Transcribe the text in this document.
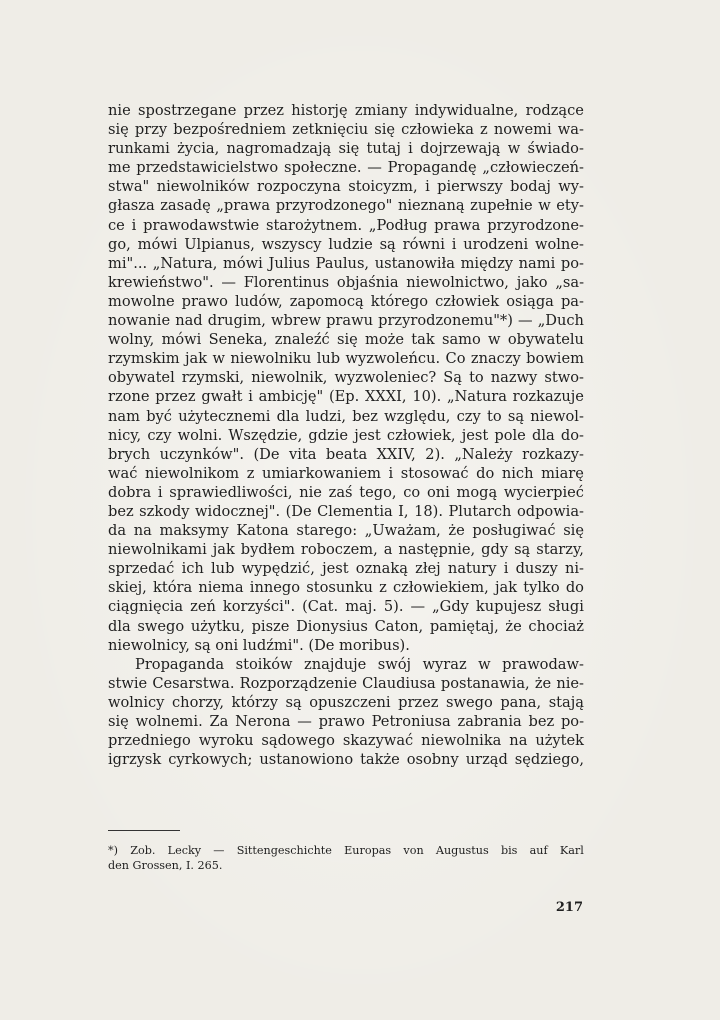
nie spostrzegane przez historję zmiany indywidualne, rodzące
się przy bezpośredniem zetknięciu się człowieka z nowemi wa-
runkami życia, nagromadzają się tutaj i dojrzewają w świado-
me przedstawicielstwo społeczne. — Propagandę „człowieczeń-
stwa" niewolników rozpoczyna stoicyzm, i pierwszy bodaj wy-
głasza zasadę „prawa przyrodzonego" nieznaną zupełnie w ety-
ce i prawodawstwie starożytnem. „Podług prawa przyrodzone-
go, mówi Ulpianus, wszyscy ludzie są równi i urodzeni wolne-
mi"... „Natura, mówi Julius Paulus, ustanowiła między nami po-
krewieństwo". — Florentinus objaśnia niewolnictwo, jako „sa-
mowolne prawo ludów, zapomocą którego człowiek osiąga pa-
nowanie nad drugim, wbrew prawu przyrodzonemu"*) — „Duch
wolny, mówi Seneka, znaleźć się może tak samo w obywatelu
rzymskim jak w niewolniku lub wyzwoleńcu. Co znaczy bowiem
obywatel rzymski, niewolnik, wyzwoleniec? Są to nazwy stwo-
rzone przez gwałt i ambicję" (Ep. XXXI, 10). „Natura rozkazuje
nam być użytecznemi dla ludzi, bez względu, czy to są niewol-
nicy, czy wolni. Wszędzie, gdzie jest człowiek, jest pole dla do-
brych uczynków". (De vita beata XXIV, 2). „Należy rozkazy-
wać niewolnikom z umiarkowaniem i stosować do nich miarę
dobra i sprawiedliwości, nie zaś tego, co oni mogą wycierpieć
bez szkody widocznej". (De Clementia I, 18). Plutarch odpowia-
da na maksymy Katona starego: „Uważam, że posługiwać się
niewolnikami jak bydłem roboczem, a następnie, gdy są starzy,
sprzedać ich lub wypędzić, jest oznaką złej natury i duszy ni-
skiej, która niema innego stosunku z człowiekiem, jak tylko do
ciągnięcia zeń korzyści". (Cat. maj. 5). — „Gdy kupujesz sługi
dla swego użytku, pisze Dionysius Caton, pamiętaj, że chociaż
niewolnicy, są oni ludźmi". (De moribus).
Propaganda stoików znajduje swój wyraz w prawodaw-
stwie Cesarstwa. Rozporządzenie Claudiusa postanawia, że nie-
wolnicy chorzy, którzy są opuszczeni przez swego pana, stają
się wolnemi. Za Nerona — prawo Petroniusa zabrania bez po-
przedniego wyroku sądowego skazywać niewolnika na użytek
igrzysk cyrkowych; ustanowiono także osobny urząd sędziego,
*) Zob. Lecky — Sittengeschichte Europas von Augustus bis auf Karl
den Grossen, I. 265.
217
